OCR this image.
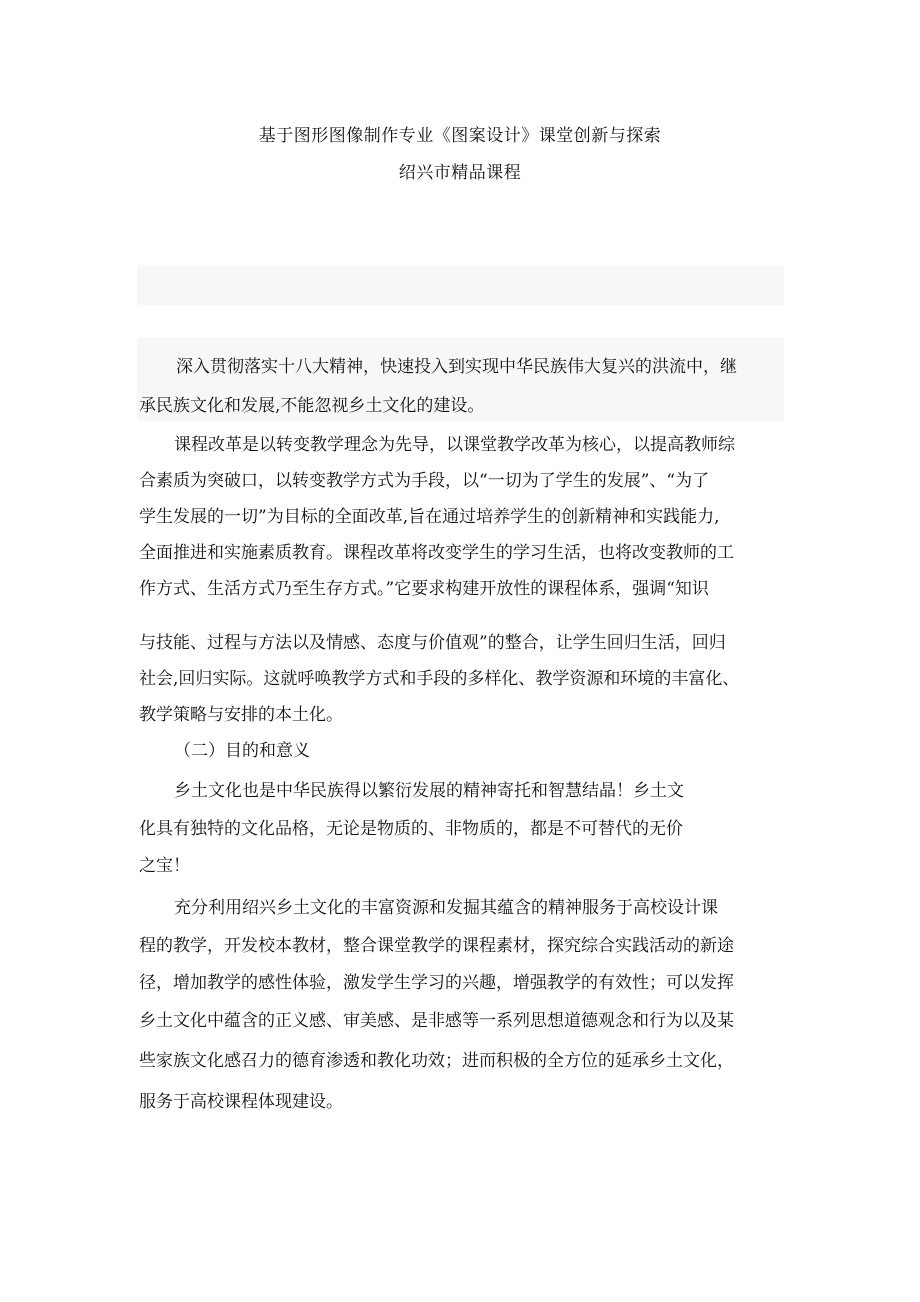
基于图形图像制作专业《图案设计》课堂创新与探索
绍兴市精品课程
深入贯彻落实十八大精神，快速投入到实现中华民族伟大复兴的洪流中，继
承民族文化和发展,不能忽视乡土文化的建设。
课程改革是以转变教学理念为先导，以课堂教学改革为核心，以提高教师综
合素质为突破口，以转变教学方式为手段，以“一切为了学生的发展”、“为了
学生发展的一切”为目标的全面改革,旨在通过培养学生的创新精神和实践能力,
全面推进和实施素质教育。课程改革将改变学生的学习生活，也将改变教师的工
作方式、生活方式乃至生存方式。”它要求构建开放性的课程体系，强调“知识
与技能、过程与方法以及情感、态度与价值观”的整合，让学生回归生活，回归
社会,回归实际。这就呼唤教学方式和手段的多样化、教学资源和环境的丰富化、
教学策略与安排的本土化。
（二）目的和意义
乡土文化也是中华民族得以繁衍发展的精神寄托和智慧结晶！乡土文
化具有独特的文化品格，无论是物质的、非物质的，都是不可替代的无价
之宝！
充分利用绍兴乡土文化的丰富资源和发掘其蕴含的精神服务于高校设计课
程的教学，开发校本教材，整合课堂教学的课程素材，探究综合实践活动的新途
径，增加教学的感性体验，激发学生学习的兴趣，增强教学的有效性；可以发挥
乡土文化中蕴含的正义感、审美感、是非感等一系列思想道德观念和行为以及某
些家族文化感召力的德育渗透和教化功效；进而积极的全方位的延承乡土文化，
服务于高校课程体现建设。
